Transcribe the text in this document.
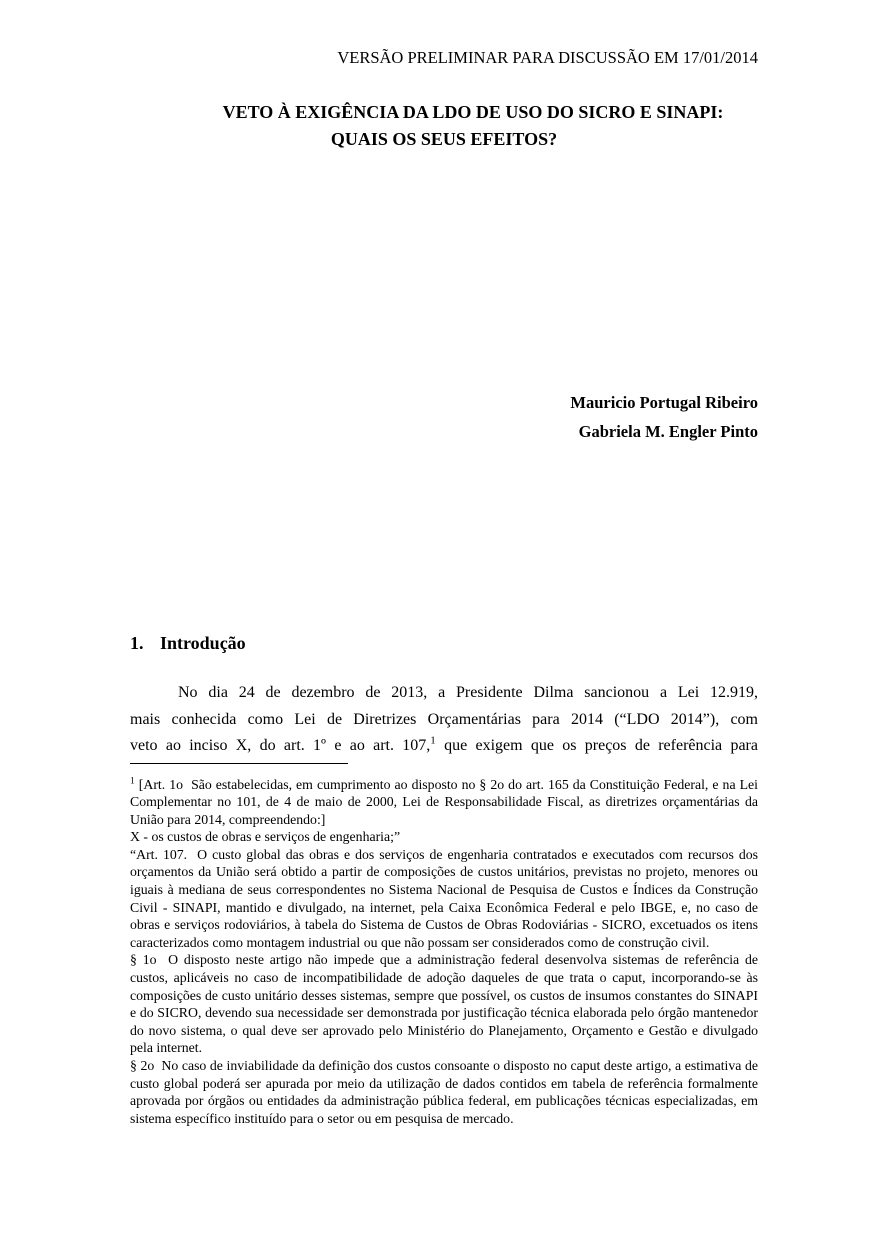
VERSÃO PRELIMINAR PARA DISCUSSÃO EM 17/01/2014
VETO À EXIGÊNCIA DA LDO DE USO DO SICRO E SINAPI:
QUAIS OS SEUS EFEITOS?
Mauricio Portugal Ribeiro
Gabriela M. Engler Pinto
1. Introdução
No dia 24 de dezembro de 2013, a Presidente Dilma sancionou a Lei 12.919,
mais conhecida como Lei de Diretrizes Orçamentárias para 2014 (“LDO 2014”), com
veto ao inciso X, do art. 1º e ao art. 107,$^1$ que exigem que os preços de referência para

$^1$ [Art. 1o  São estabelecidas, em cumprimento ao disposto no § 2o do art. 165 da Constituição Federal, e na Lei Complementar no 101, de 4 de maio de 2000, Lei de Responsabilidade Fiscal, as diretrizes orçamentárias da União para 2014, compreendendo:]

X - os custos de obras e serviços de engenharia;”

“Art. 107.  O custo global das obras e dos serviços de engenharia contratados e executados com recursos dos orçamentos da União será obtido a partir de composições de custos unitários, previstas no projeto, menores ou iguais à mediana de seus correspondentes no Sistema Nacional de Pesquisa de Custos e Índices da Construção Civil - SINAPI, mantido e divulgado, na internet, pela Caixa Econômica Federal e pelo IBGE, e, no caso de obras e serviços rodoviários, à tabela do Sistema de Custos de Obras Rodoviárias - SICRO, excetuados os itens caracterizados como montagem industrial ou que não possam ser considerados como de construção civil.

§ 1o  O disposto neste artigo não impede que a administração federal desenvolva sistemas de referência de custos, aplicáveis no caso de incompatibilidade de adoção daqueles de que trata o caput, incorporando-se às composições de custo unitário desses sistemas, sempre que possível, os custos de insumos constantes do SINAPI e do SICRO, devendo sua necessidade ser demonstrada por justificação técnica elaborada pelo órgão mantenedor do novo sistema, o qual deve ser aprovado pelo Ministério do Planejamento, Orçamento e Gestão e divulgado pela internet.

§ 2o  No caso de inviabilidade da definição dos custos consoante o disposto no caput deste artigo, a estimativa de custo global poderá ser apurada por meio da utilização de dados contidos em tabela de referência formalmente aprovada por órgãos ou entidades da administração pública federal, em publicações técnicas especializadas, em sistema específico instituído para o setor ou em pesquisa de mercado.
